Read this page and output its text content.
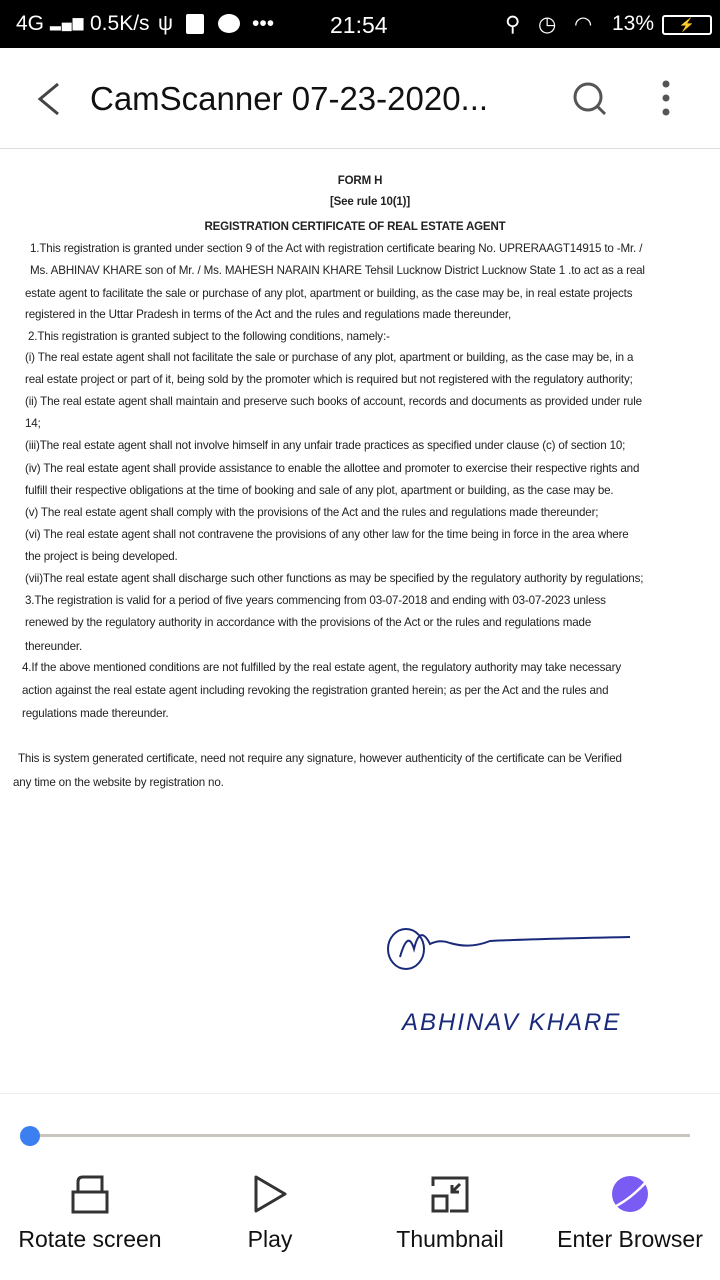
4G ▂▄▆ 0.5K/s ψ	••• 21:54	⚲ ◷ ◠ 13%	⚡
CamScanner 07-23-2020...
FORM H
[See rule 10(1)]
REGISTRATION CERTIFICATE OF REAL ESTATE AGENT
1.This registration is granted under section 9 of the Act with registration certificate bearing No. UPRERAAGT14915 to -Mr. /
Ms. ABHINAV KHARE son of Mr. / Ms. MAHESH NARAIN KHARE Tehsil Lucknow District Lucknow State 1 .to act as a real
estate agent to facilitate the sale or purchase of any plot, apartment or building, as the case may be, in real estate projects
registered in the Uttar Pradesh in terms of the Act and the rules and regulations made thereunder,
2.This registration is granted subject to the following conditions, namely:-
(i) The real estate agent shall not facilitate the sale or purchase of any plot, apartment or building, as the case may be, in a
real estate project or part of it, being sold by the promoter which is required but not registered with the regulatory authority;
(ii) The real estate agent shall maintain and preserve such books of account, records and documents as provided under rule
14;
(iii)The real estate agent shall not involve himself in any unfair trade practices as specified under clause (c) of section 10;
(iv) The real estate agent shall provide assistance to enable the allottee and promoter to exercise their respective rights and
fulfill their respective obligations at the time of booking and sale of any plot, apartment or building, as the case may be.
(v) The real estate agent shall comply with the provisions of the Act and the rules and regulations made thereunder;
(vi) The real estate agent shall not contravene the provisions of any other law for the time being in force in the area where
the project is being developed.
(vii)The real estate agent shall discharge such other functions as may be specified by the regulatory authority by regulations;
3.The registration is valid for a period of five years commencing from 03-07-2018 and ending with 03-07-2023 unless
renewed by the regulatory authority in accordance with the provisions of the Act or the rules and regulations made
thereunder.
4.If the above mentioned conditions are not fulfilled by the real estate agent, the regulatory authority may take necessary
action against the real estate agent including revoking the registration granted herein; as per the Act and the rules and
regulations made thereunder.
This is system generated certificate, need not require any signature, however authenticity of the certificate can be Verified
any time on the website by registration no.
ABHINAV KHARE
Rotate screen	Play	Thumbnail	Enter Browser
